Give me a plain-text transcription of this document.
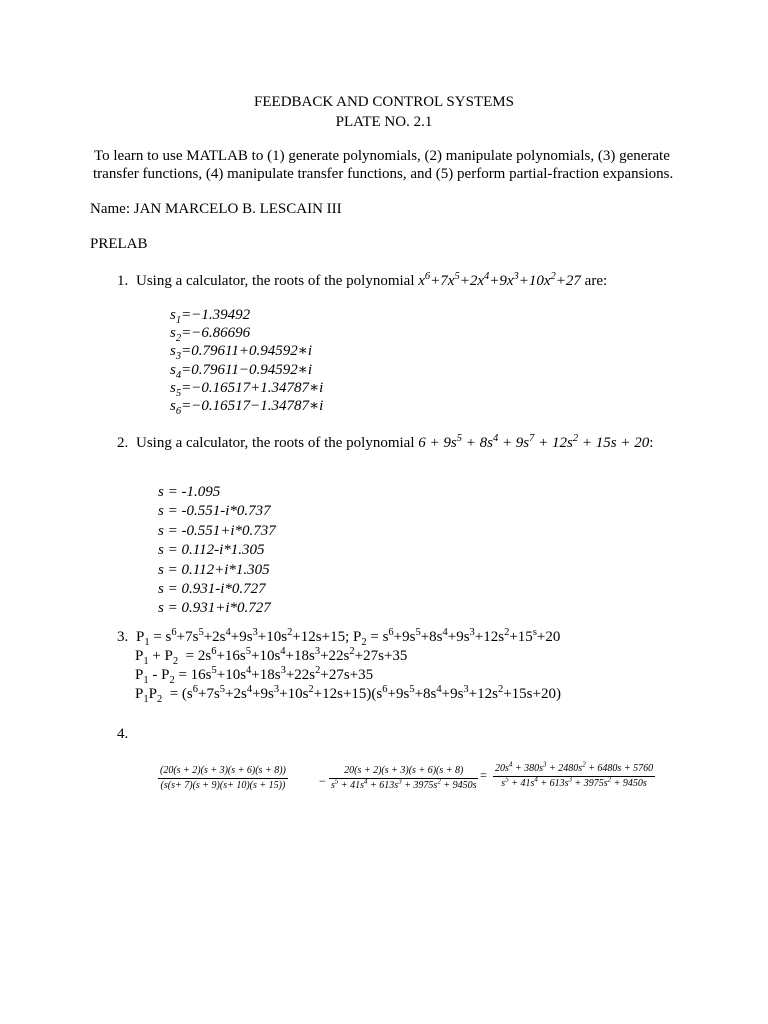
FEEDBACK AND CONTROL SYSTEMS
PLATE NO. 2.1
To learn to use MATLAB to (1) generate polynomials, (2) manipulate polynomials, (3) generate
transfer functions, (4) manipulate transfer functions, and (5) perform partial-fraction expansions.
Name: JAN MARCELO B. LESCAIN III
PRELAB
1. Using a calculator, the roots of the polynomial $x^6+7x^5+2x^4+9x^3+10x^2+27$ are:
$s_1=-1.39492$
$s_2=-6.86696$
$s_3=0.79611+0.94592∗i$
$s_4=0.79611-0.94592∗i$
$s_5=-0.16517+1.34787∗i$
$s_6=-0.16517-1.34787∗i$
2. Using a calculator, the roots of the polynomial $6 + 9s^5 + 8s^4 + 9s^7 + 12s^2 + 15s + 20$:
s = -1.095
s = -0.551-i*0.737
s = -0.551+i*0.737
s = 0.112-i*1.305
s = 0.112+i*1.305
s = 0.931-i*0.727
s = 0.931+i*0.727
3. $P_1 = s^6+7s^5+2s^4+9s^3+10s^2+12s+15$; $P_2 = s^6+9s^5+8s^4+9s^3+12s^2+15^s+20$
$P_1 + P_2 = 2s^6+16s^5+10s^4+18s^3+22s^2+27s+35$
$P_1 - P_2 = 16s^5+10s^4+18s^3+22s^2+27s+35$
$P_1P_2 = (s^6+7s^5+2s^4+9s^3+10s^2+12s+15)(s^6+9s^5+8s^4+9s^3+12s^2+15s+20)$
4.
$\frac{(20(s + 2)(s + 3)(s + 6)(s + 8))}{(s(s+ 7)(s + 9)(s+ 10)(s + 15))}$	− $\frac{20(s + 2)(s + 3)(s + 6)(s + 8)}{s^5 + 41s^4 + 613s^3 + 3975s^2 + 9450s} = \frac{20s^4 + 380s^3 + 2480s^2 + 6480s + 5760}{s^5 + 41s^4 + 613s^3 + 3975s^2 + 9450s}$
